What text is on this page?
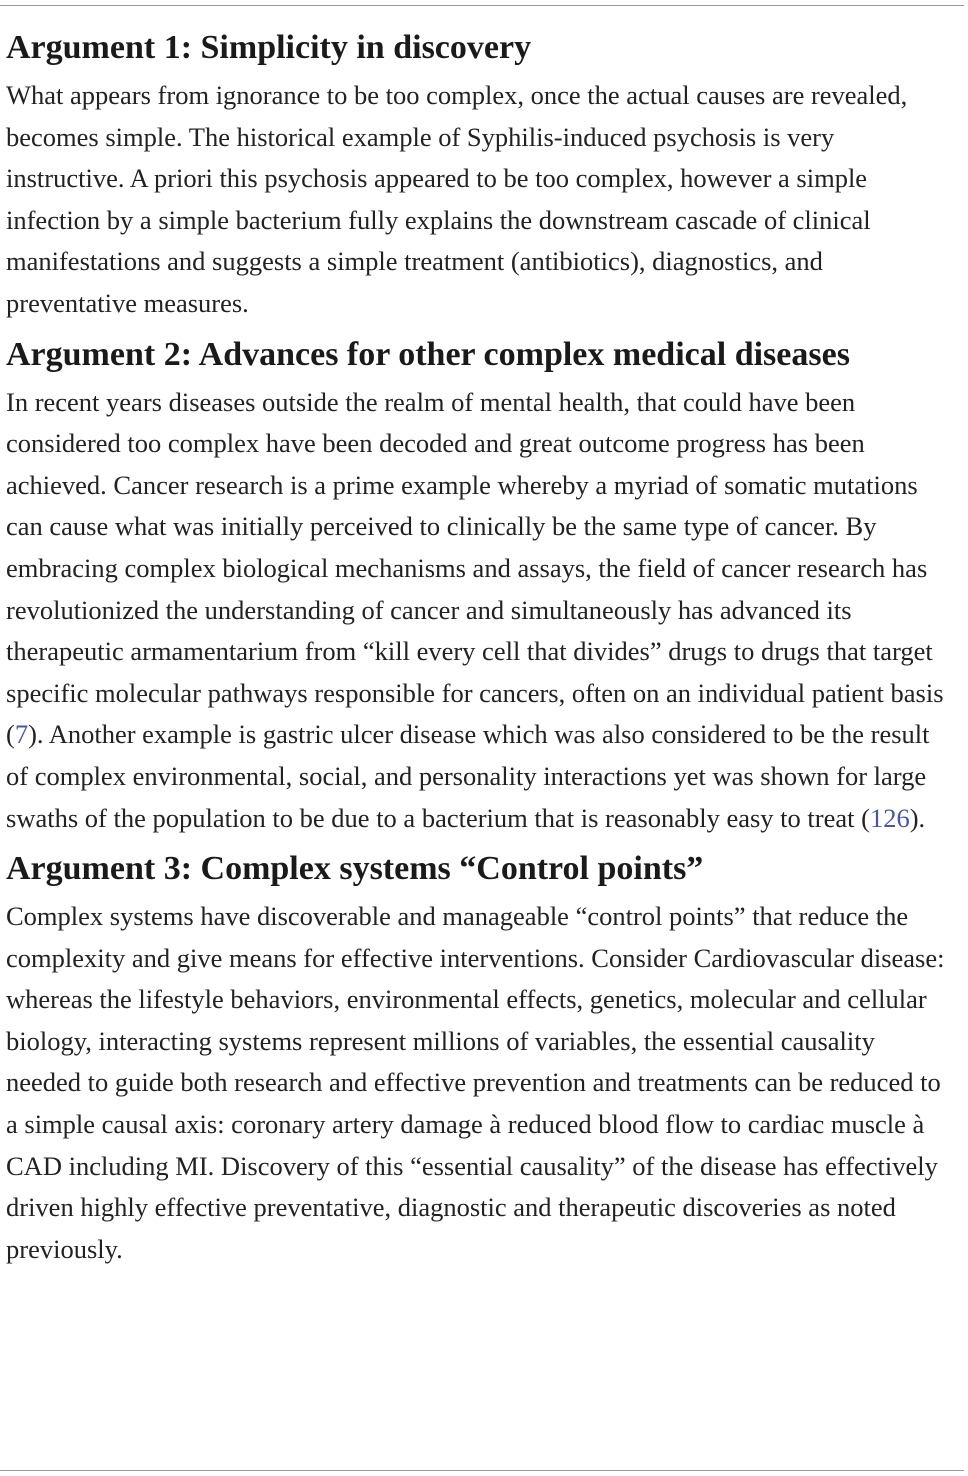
Argument 1: Simplicity in discovery

What appears from ignorance to be too complex, once the actual causes are revealed, becomes simple. The historical example of Syphilis-induced psychosis is very instructive. A priori this psychosis appeared to be too complex, however a simple infection by a simple bacterium fully explains the downstream cascade of clinical manifestations and suggests a simple treatment (antibiotics), diagnostics, and preventative measures.

Argument 2: Advances for other complex medical diseases

In recent years diseases outside the realm of mental health, that could have been considered too complex have been decoded and great outcome progress has been achieved. Cancer research is a prime example whereby a myriad of somatic mutations can cause what was initially perceived to clinically be the same type of cancer. By embracing complex biological mechanisms and assays, the field of cancer research has revolutionized the understanding of cancer and simultaneously has advanced its therapeutic armamentarium from “kill every cell that divides” drugs to drugs that target specific molecular pathways responsible for cancers, often on an individual patient basis (7). Another example is gastric ulcer disease which was also considered to be the result of complex environmental, social, and personality interactions yet was shown for large swaths of the population to be due to a bacterium that is reasonably easy to treat (126).

Argument 3: Complex systems “Control points”

Complex systems have discoverable and manageable “control points” that reduce the complexity and give means for effective interventions. Consider Cardiovascular disease: whereas the lifestyle behaviors, environmental effects, genetics, molecular and cellular biology, interacting systems represent millions of variables, the essential causality needed to guide both research and effective prevention and treatments can be reduced to a simple causal axis: coronary artery damage à reduced blood flow to cardiac muscle à CAD including MI. Discovery of this “essential causality” of the disease has effectively driven highly effective preventative, diagnostic and therapeutic discoveries as noted previously.
